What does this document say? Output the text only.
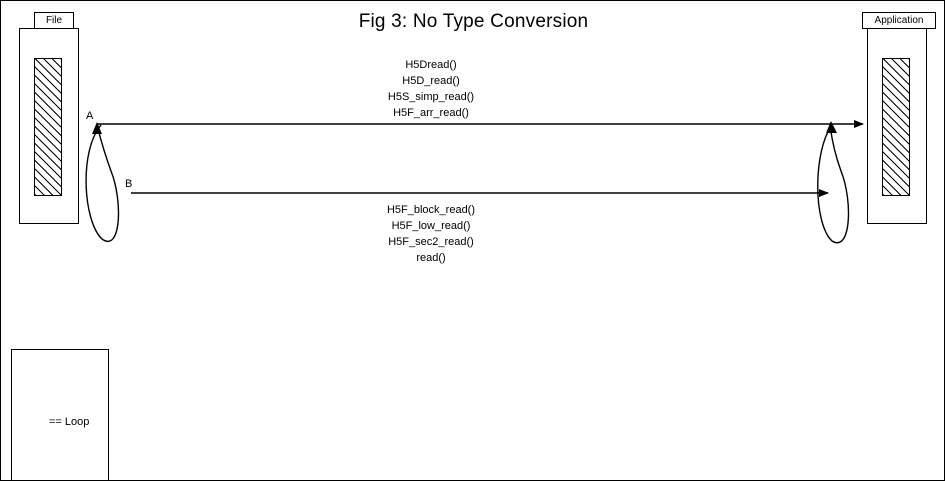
Fig 3: No Type Conversion
File	Application
A
B
H5Dread()
H5D_read()
H5S_simp_read()
H5F_arr_read()
H5F_block_read()
H5F_low_read()
H5F_sec2_read()
read()
== Loop
